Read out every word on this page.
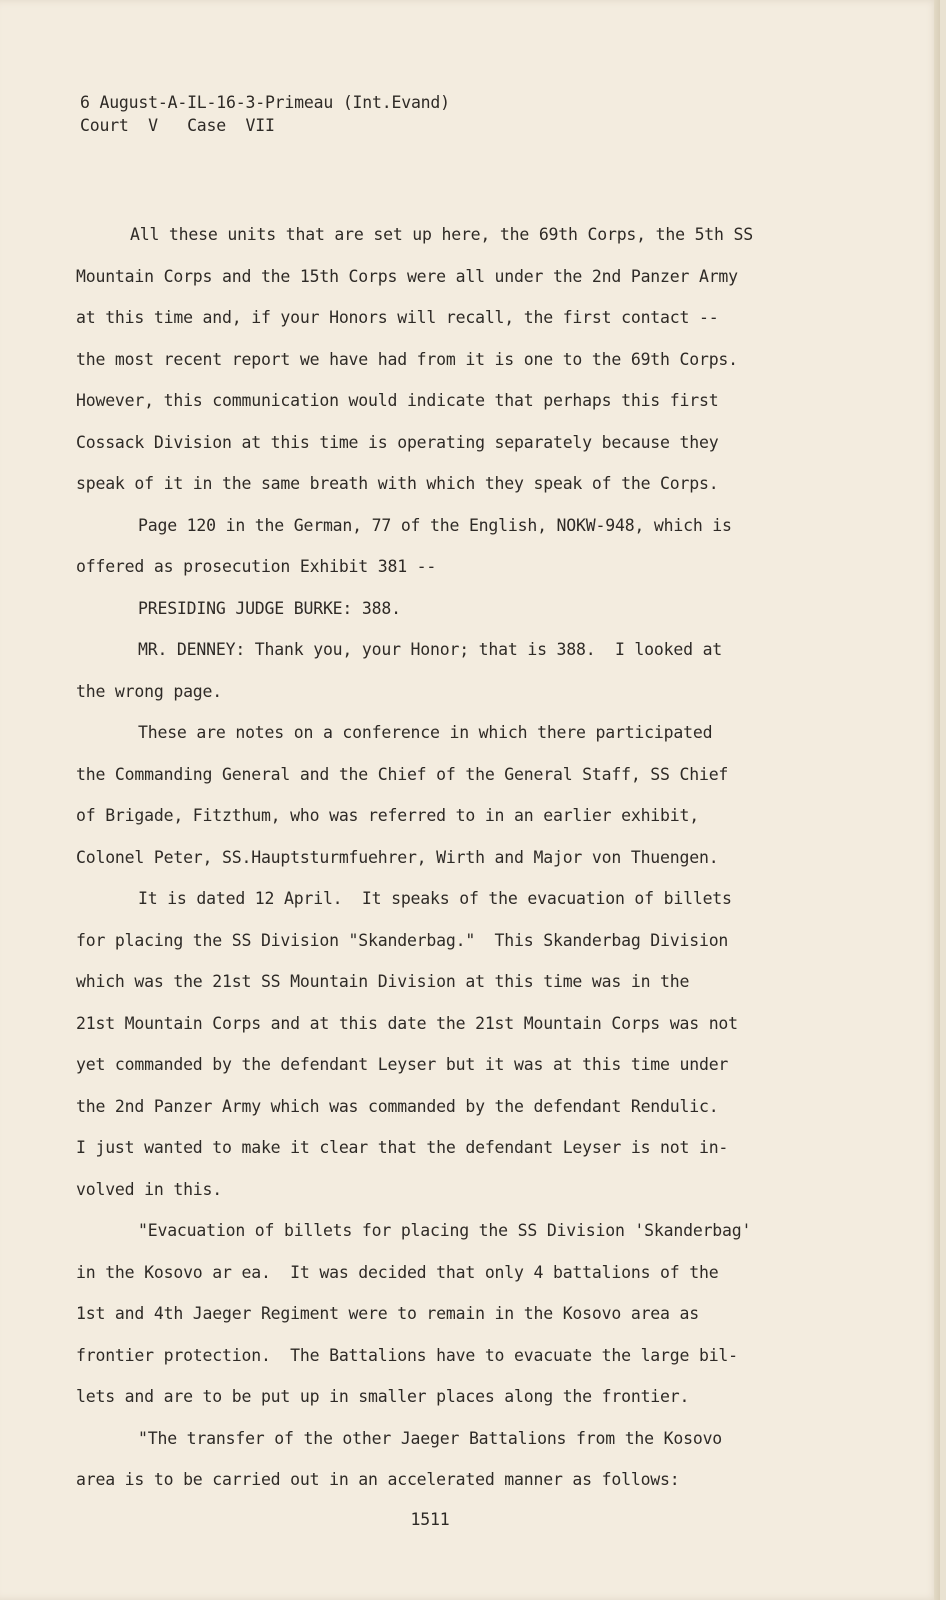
6 August-A-IL-16-3-Primeau (Int.Evand)
Court  V   Case  VII
All these units that are set up here, the 69th Corps, the 5th SS
Mountain Corps and the 15th Corps were all under the 2nd Panzer Army
at this time and, if your Honors will recall, the first contact --
the most recent report we have had from it is one to the 69th Corps.
However, this communication would indicate that perhaps this first
Cossack Division at this time is operating separately because they
speak of it in the same breath with which they speak of the Corps.
Page 120 in the German, 77 of the English, NOKW-948, which is
offered as prosecution Exhibit 381 --
PRESIDING JUDGE BURKE: 388.
MR. DENNEY: Thank you, your Honor; that is 388.  I looked at
the wrong page.
These are notes on a conference in which there participated
the Commanding General and the Chief of the General Staff, SS Chief
of Brigade, Fitzthum, who was referred to in an earlier exhibit,
Colonel Peter, SS.Hauptsturmfuehrer, Wirth and Major von Thuengen.
It is dated 12 April.  It speaks of the evacuation of billets
for placing the SS Division "Skanderbag."  This Skanderbag Division
which was the 21st SS Mountain Division at this time was in the
21st Mountain Corps and at this date the 21st Mountain Corps was not
yet commanded by the defendant Leyser but it was at this time under
the 2nd Panzer Army which was commanded by the defendant Rendulic.
I just wanted to make it clear that the defendant Leyser is not in-
volved in this.
"Evacuation of billets for placing the SS Division 'Skanderbag'
in the Kosovo ar ea.  It was decided that only 4 battalions of the
1st and 4th Jaeger Regiment were to remain in the Kosovo area as
frontier protection.  The Battalions have to evacuate the large bil-
lets and are to be put up in smaller places along the frontier.
"The transfer of the other Jaeger Battalions from the Kosovo
area is to be carried out in an accelerated manner as follows:
1511
